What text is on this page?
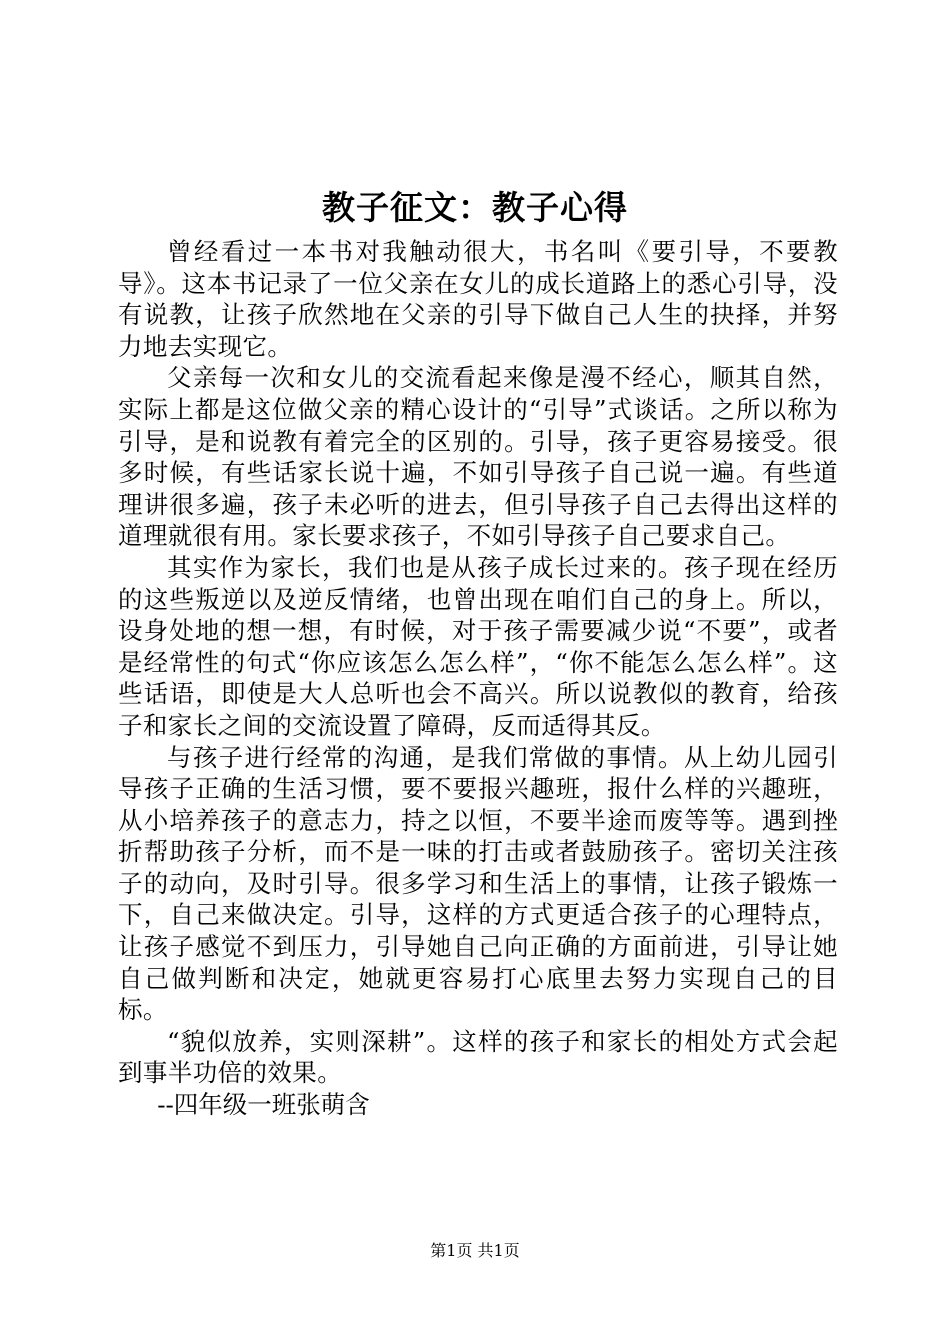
教子征文：教子心得

曾经看过一本书对我触动很大，书名叫《要引导，不要教导》。这本书记录了一位父亲在女儿的成长道路上的悉心引导，没有说教，让孩子欣然地在父亲的引导下做自己人生的抉择，并努力地去实现它。

父亲每一次和女儿的交流看起来像是漫不经心，顺其自然，实际上都是这位做父亲的精心设计的“引导”式谈话。之所以称为引导，是和说教有着完全的区别的。引导，孩子更容易接受。很多时候，有些话家长说十遍，不如引导孩子自己说一遍。有些道理讲很多遍，孩子未必听的进去，但引导孩子自己去得出这样的道理就很有用。家长要求孩子，不如引导孩子自己要求自己。

其实作为家长，我们也是从孩子成长过来的。孩子现在经历的这些叛逆以及逆反情绪，也曾出现在咱们自己的身上。所以，设身处地的想一想，有时候，对于孩子需要减少说“不要”，或者是经常性的句式“你应该怎么怎么样”，“你不能怎么怎么样”。这些话语，即使是大人总听也会不高兴。所以说教似的教育，给孩子和家长之间的交流设置了障碍，反而适得其反。

与孩子进行经常的沟通，是我们常做的事情。从上幼儿园引导孩子正确的生活习惯，要不要报兴趣班，报什么样的兴趣班，从小培养孩子的意志力，持之以恒，不要半途而废等等。遇到挫折帮助孩子分析，而不是一味的打击或者鼓励孩子。密切关注孩子的动向，及时引导。很多学习和生活上的事情，让孩子锻炼一下，自己来做决定。引导，这样的方式更适合孩子的心理特点，让孩子感觉不到压力，引导她自己向正确的方面前进，引导让她自己做判断和决定，她就更容易打心底里去努力实现自己的目标。

“貌似放养，实则深耕”。这样的孩子和家长的相处方式会起到事半功倍的效果。

--四年级一班张萌含

第1页 共1页
